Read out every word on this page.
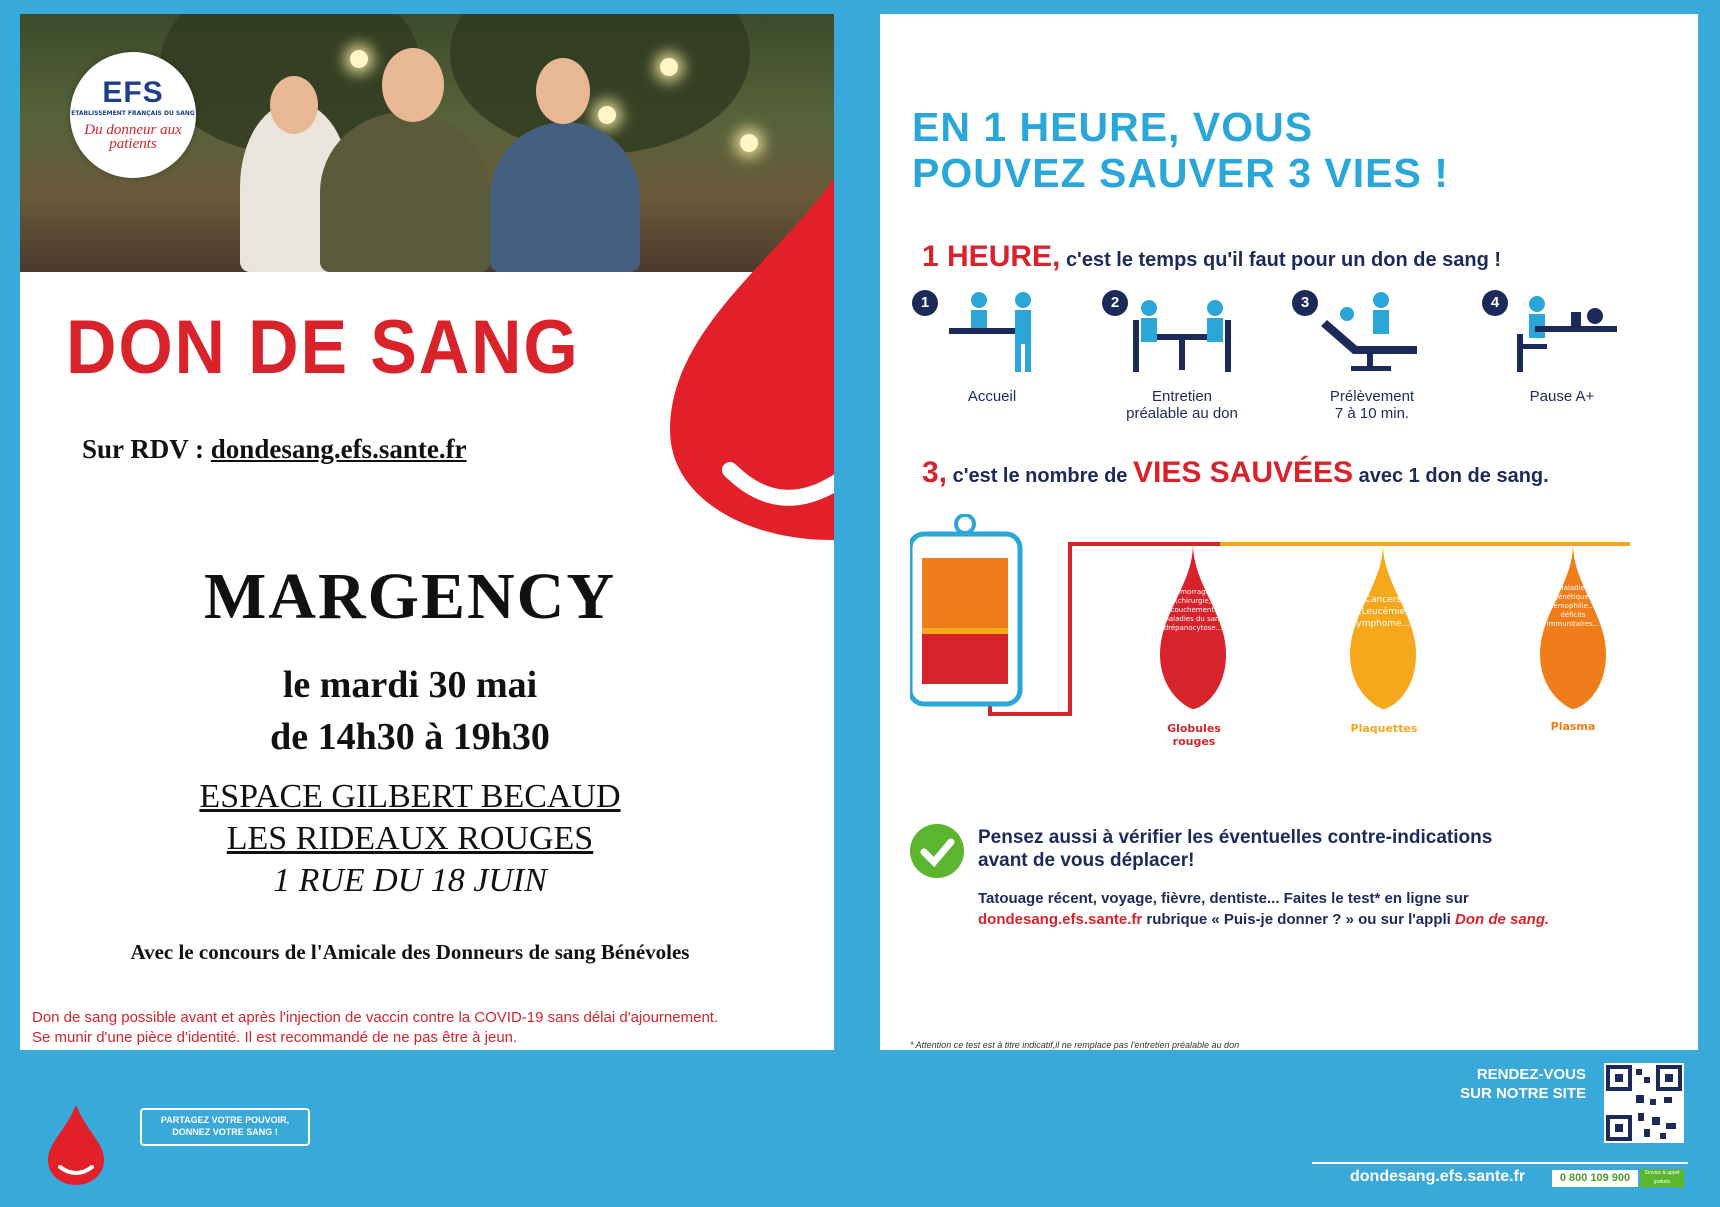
EFS
ÉTABLISSEMENT FRANÇAIS DU SANG
Du donneur aux patients
DON DE SANG
Sur RDV : dondesang.efs.sante.fr
MARGENCY
le mardi 30 mai
de 14h30 à 19h30
ESPACE GILBERT BECAUD
LES RIDEAUX ROUGES
1 RUE DU 18 JUIN
Avec le concours de l'Amicale des Donneurs de sang Bénévoles
Don de sang possible avant et après l'injection de vaccin contre la COVID-19 sans délai d'ajournement.
Se munir d'une pièce d'identité. Il est recommandé de ne pas être à jeun.
EN 1 HEURE, VOUS
POUVEZ SAUVER 3 VIES !
1 HEURE, c'est le temps qu'il faut pour un don de sang !
1
Accueil
2
Entretien
préalable au don
3
Prélèvement
7 à 10 min.
4
Pause A+
3, c'est le nombre de VIES SAUVÉES avec 1 don de sang.
Hémorragies (chirurgie, accouchement...) maladies du sang (drépanocytose...)
Cancers (Leucémie, Lymphome...)
Maladies génétiques (hémophilie...), déficits immunitaires...
Globules rouges
Plaquettes	Plasma
Pensez aussi à vérifier les éventuelles contre-indications
avant de vous déplacer!
Tatouage récent, voyage, fièvre, dentiste... Faites le test* en ligne sur
dondesang.efs.sante.fr rubrique « Puis-je donner ? » ou sur l'appli Don de sang.
* Attention ce test est à titre indicatif,il ne remplace pas l'entretien préalable au don
PARTAGEZ VOTRE POUVOIR,
DONNEZ VOTRE SANG !
RENDEZ-VOUS
SUR NOTRE SITE
dondesang.efs.sante.fr	0 800 109 900	Service & appel gratuits
